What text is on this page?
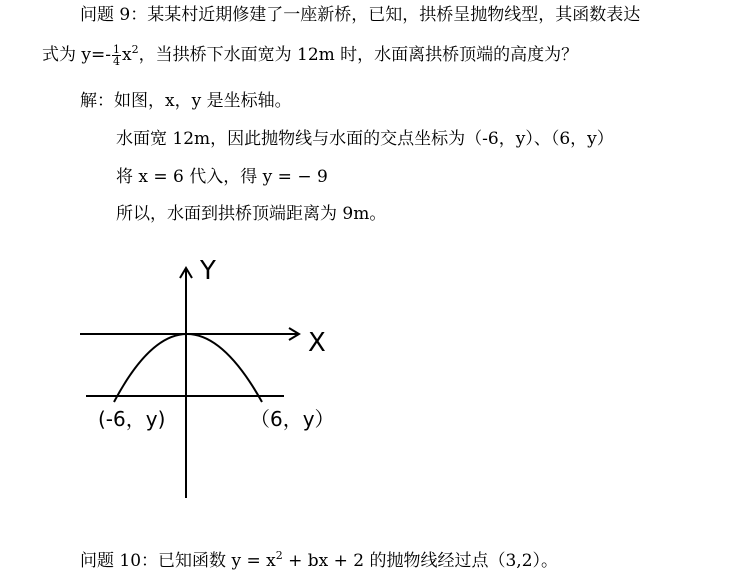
问题 9：某某村近期修建了一座新桥，已知，拱桥呈抛物线型，其函数表达
式为 $y=- \frac{1}{4} x^2$，当拱桥下水面宽为 12m 时，水面离拱桥顶端的高度为？
解：如图，x，y 是坐标轴。
水面宽 12m，因此抛物线与水面的交点坐标为（-6，y）、（6，y）
将 x = 6 代入，得 y = − 9
所以，水面到拱桥顶端距离为 9m。
Y
X
(-6，y)	（6，y）
问题 10：已知函数 $y = x^2$ + bx + 2 的抛物线经过点（3,2）。
